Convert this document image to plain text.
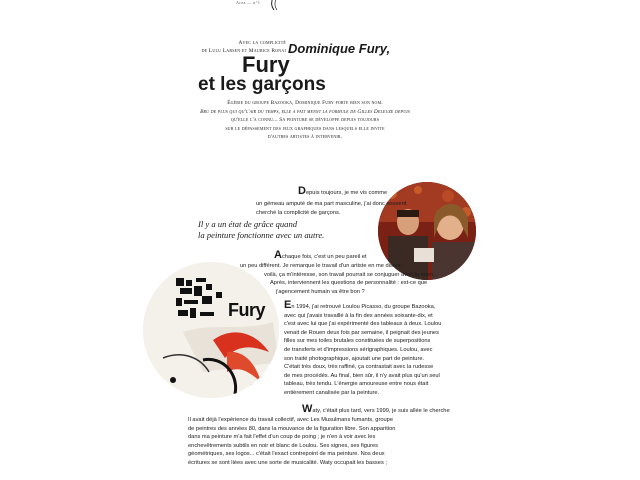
Area — n°1
Avec la complicité
de Lulu Larsen et Maurice Ronai Dominique Fury,
Fury
et les garçons
Égérie du groupe Bazooka, Dominique Fury porte bien son nom.
Bru de plus qui qu'l'air du temps, elle a fait mennt la formule de Gilles Deleuze depuis
qu'elle l'a connu... Sa peinture se développe depuis toujours
sur le dépassement des jeux graphiques dans lesquels elle invite
d'autres artistes à intervenir.
Fury
Depuis toujours, je me vis comme
un gémeau amputé de ma part masculine, j'ai donc souvent
cherché la complicité de garçons.
Il y a un état de grâce quand
la peinture fonctionne avec un autre.
Achaque fois, c'est un peu pareil et
un peu différent. Je remarque le travail d'un artiste en me disant :
voilà, ça m'intéresse, son travail pourrait se conjuguer avec le mien...
Après, interviennent les questions de personnalité : est-ce que
j'agencement humain va être bon ?
En 1994, j'ai retrouvé Loulou Picasso, du groupe Bazooka,
avec qui j'avais travaillé à la fin des années soixante-dix, et
c'est avec lui que j'ai expérimenté des tableaux à deux. Loulou
venait de Rouen deux fois par semaine, il peignait des jeunes
filles sur mes toiles brutales constituées de superpositions
de transferts et d'impressions sérigraphiques. Loulou, avec
son traité photographique, ajoutait une part de peinture.
C'était très doux, très raffiné, ça contrastait avec la rudesse
de mes procédés. Au final, bien sûr, il n'y avait plus qu'un seul
tableau, très tendu. L'énergie amoureuse entre nous était
entièrement canalisée par la peinture.
Waty, c'était plus tard, vers 1999, je suis allée le cherche
Il avait déjà l'expérience du travail collectif, avec Les Musulmans fumants, groupe
de peintres des années 80, dans la mouvance de la figuration libre. Son apparition
dans ma peinture m'a fait l'effet d'un coup de poing ; je n'en à voir avec les
enchevêtrements subtils en noir et blanc de Loulou. Ses signes, ses figures
géométriques, ses logos... c'était l'exact contrepoint de ma peinture. Nos deux
écritures se sont liées avec une sorte de musicalité. Waty occupait les basses ;
